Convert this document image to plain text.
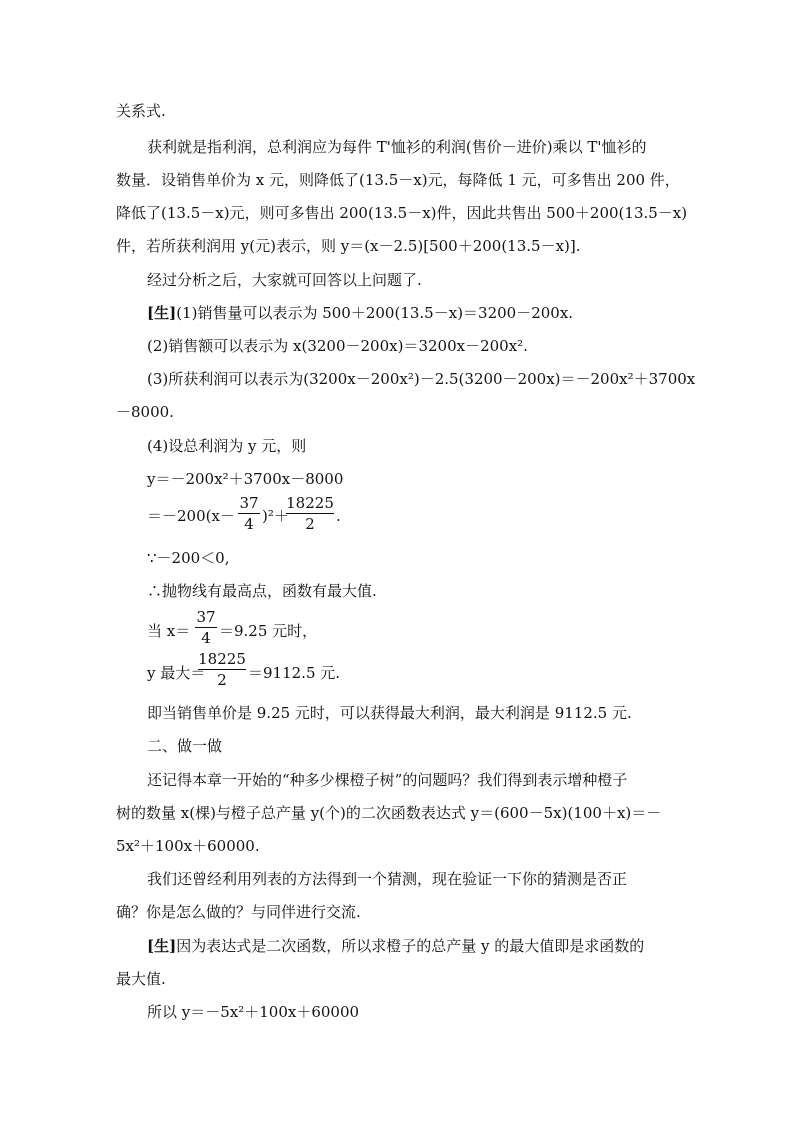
关系式.
获利就是指利润，总利润应为每件 T'恤衫的利润(售价－进价)乘以 T'恤衫的
数量．设销售单价为 x 元，则降低了(13.5－x)元，每降低 1 元，可多售出 200 件，
降低了(13.5－x)元，则可多售出 200(13.5－x)件，因此共售出 500＋200(13.5－x)
件，若所获利润用 y(元)表示，则 y＝(x－2.5)[500＋200(13.5－x)].
经过分析之后，大家就可回答以上问题了.
[生](1)销售量可以表示为 500＋200(13.5－x)＝3200－200x.
(2)销售额可以表示为 x(3200－200x)＝3200x－200x².
(3)所获利润可以表示为(3200x－200x²)－2.5(3200－200x)＝－200x²＋3700x
－8000.
(4)设总利润为 y 元，则
y＝－200x²＋3700x－8000
＝－200(x－
37
4 )²＋
18225
2	.
∵－200＜0,
∴抛物线有最高点，函数有最大值.
当 x＝
37
4 ＝9.25 元时，
y 最大＝
18225
2	＝9112.5 元.
即当销售单价是 9.25 元时，可以获得最大利润，最大利润是 9112.5 元.
二、做一做
还记得本章一开始的“种多少棵橙子树”的问题吗？我们得到表示增种橙子
树的数量 x(棵)与橙子总产量 y(个)的二次函数表达式 y＝(600－5x)(100＋x)＝－
5x²＋100x＋60000.
我们还曾经利用列表的方法得到一个猜测，现在验证一下你的猜测是否正
确？你是怎么做的？与同伴进行交流.
[生]因为表达式是二次函数，所以求橙子的总产量 y 的最大值即是求函数的
最大值.
所以 y＝－5x²＋100x＋60000
